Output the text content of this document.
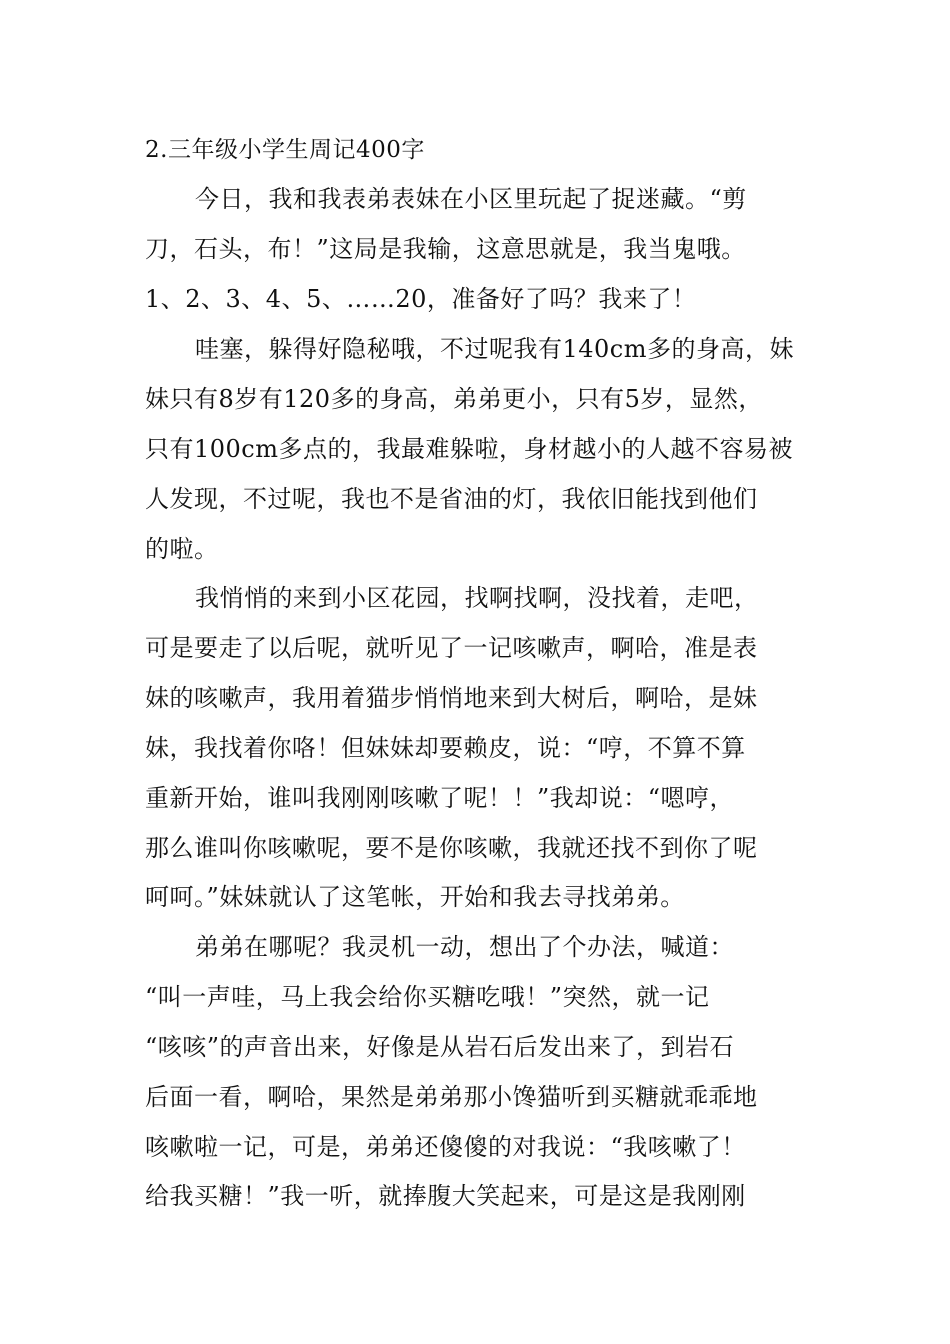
2.三年级小学生周记400字
今日，我和我表弟表妹在小区里玩起了捉迷藏。“剪
刀，石头，布！”这局是我输，这意思就是，我当鬼哦。
1、2、3、4、5、……20，准备好了吗？我来了！
哇塞，躲得好隐秘哦，不过呢我有140cm多的身高，妹
妹只有8岁有120多的身高，弟弟更小，只有5岁，显然，
只有100cm多点的，我最难躲啦，身材越小的人越不容易被
人发现，不过呢，我也不是省油的灯，我依旧能找到他们
的啦。
我悄悄的来到小区花园，找啊找啊，没找着，走吧，
可是要走了以后呢，就听见了一记咳嗽声，啊哈，准是表
妹的咳嗽声，我用着猫步悄悄地来到大树后，啊哈，是妹
妹，我找着你咯！但妹妹却要赖皮，说：“哼，不算不算
重新开始，谁叫我刚刚咳嗽了呢！！”我却说：“嗯哼，
那么谁叫你咳嗽呢，要不是你咳嗽，我就还找不到你了呢
呵呵。”妹妹就认了这笔帐，开始和我去寻找弟弟。
弟弟在哪呢？我灵机一动，想出了个办法，喊道：
“叫一声哇，马上我会给你买糖吃哦！”突然，就一记
“咳咳”的声音出来，好像是从岩石后发出来了，到岩石
后面一看，啊哈，果然是弟弟那小馋猫听到买糖就乖乖地
咳嗽啦一记，可是，弟弟还傻傻的对我说：“我咳嗽了！
给我买糖！”我一听，就捧腹大笑起来，可是这是我刚刚
